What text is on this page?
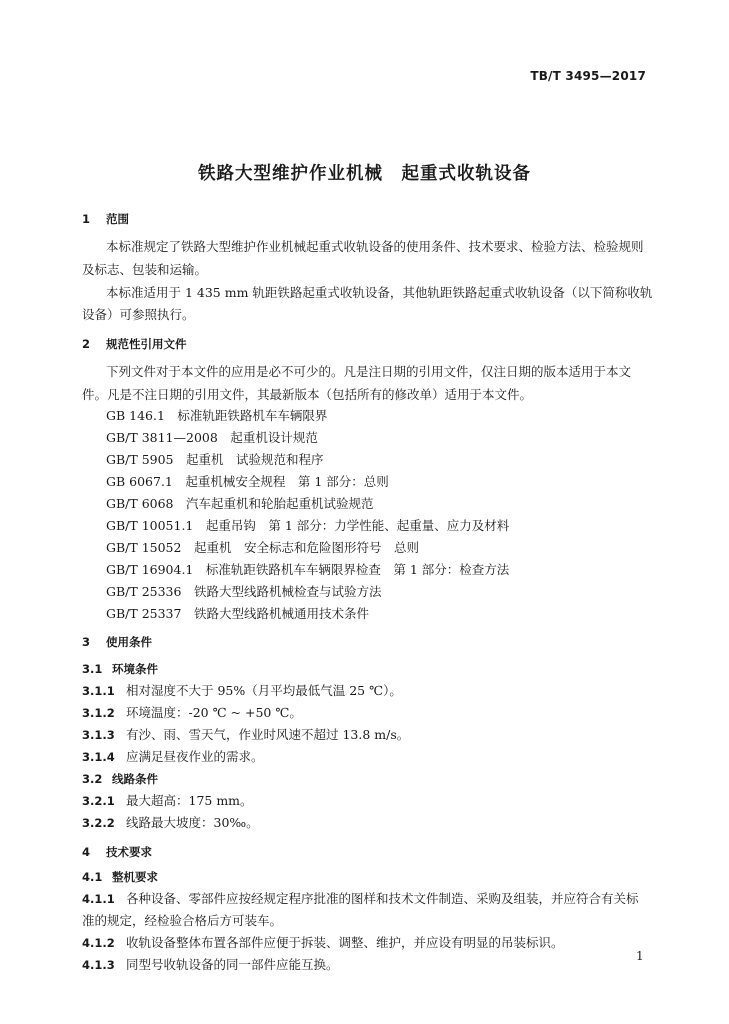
TB/T 3495—2017
铁路大型维护作业机械　起重式收轨设备
1 范围
本标准规定了铁路大型维护作业机械起重式收轨设备的使用条件、技术要求、检验方法、检验规则
及标志、包装和运输。
本标准适用于 1 435 mm 轨距铁路起重式收轨设备，其他轨距铁路起重式收轨设备（以下简称收轨
设备）可参照执行。
2 规范性引用文件
下列文件对于本文件的应用是必不可少的。凡是注日期的引用文件，仅注日期的版本适用于本文
件。凡是不注日期的引用文件，其最新版本（包括所有的修改单）适用于本文件。
GB 146.1　标准轨距铁路机车车辆限界
GB/T 3811—2008　起重机设计规范
GB/T 5905　起重机　试验规范和程序
GB 6067.1　起重机械安全规程　第 1 部分：总则
GB/T 6068　汽车起重机和轮胎起重机试验规范
GB/T 10051.1　起重吊钩　第 1 部分：力学性能、起重量、应力及材料
GB/T 15052　起重机　安全标志和危险图形符号　总则
GB/T 16904.1　标准轨距铁路机车车辆限界检查　第 1 部分：检查方法
GB/T 25336　铁路大型线路机械检查与试验方法
GB/T 25337　铁路大型线路机械通用技术条件
3 使用条件
3.1 环境条件
3.1.1 相对湿度不大于 95%（月平均最低气温 25 ℃）。
3.1.2 环境温度：-20 ℃ ~ +50 ℃。
3.1.3 有沙、雨、雪天气，作业时风速不超过 13.8 m/s。
3.1.4 应满足昼夜作业的需求。
3.2 线路条件
3.2.1 最大超高：175 mm。
3.2.2 线路最大坡度：30‰。
4 技术要求
4.1 整机要求
4.1.1 各种设备、零部件应按经规定程序批准的图样和技术文件制造、采购及组装，并应符合有关标
准的规定，经检验合格后方可装车。
4.1.2 收轨设备整体布置各部件应便于拆装、调整、维护，并应设有明显的吊装标识。
4.1.3 同型号收轨设备的同一部件应能互换。
1
